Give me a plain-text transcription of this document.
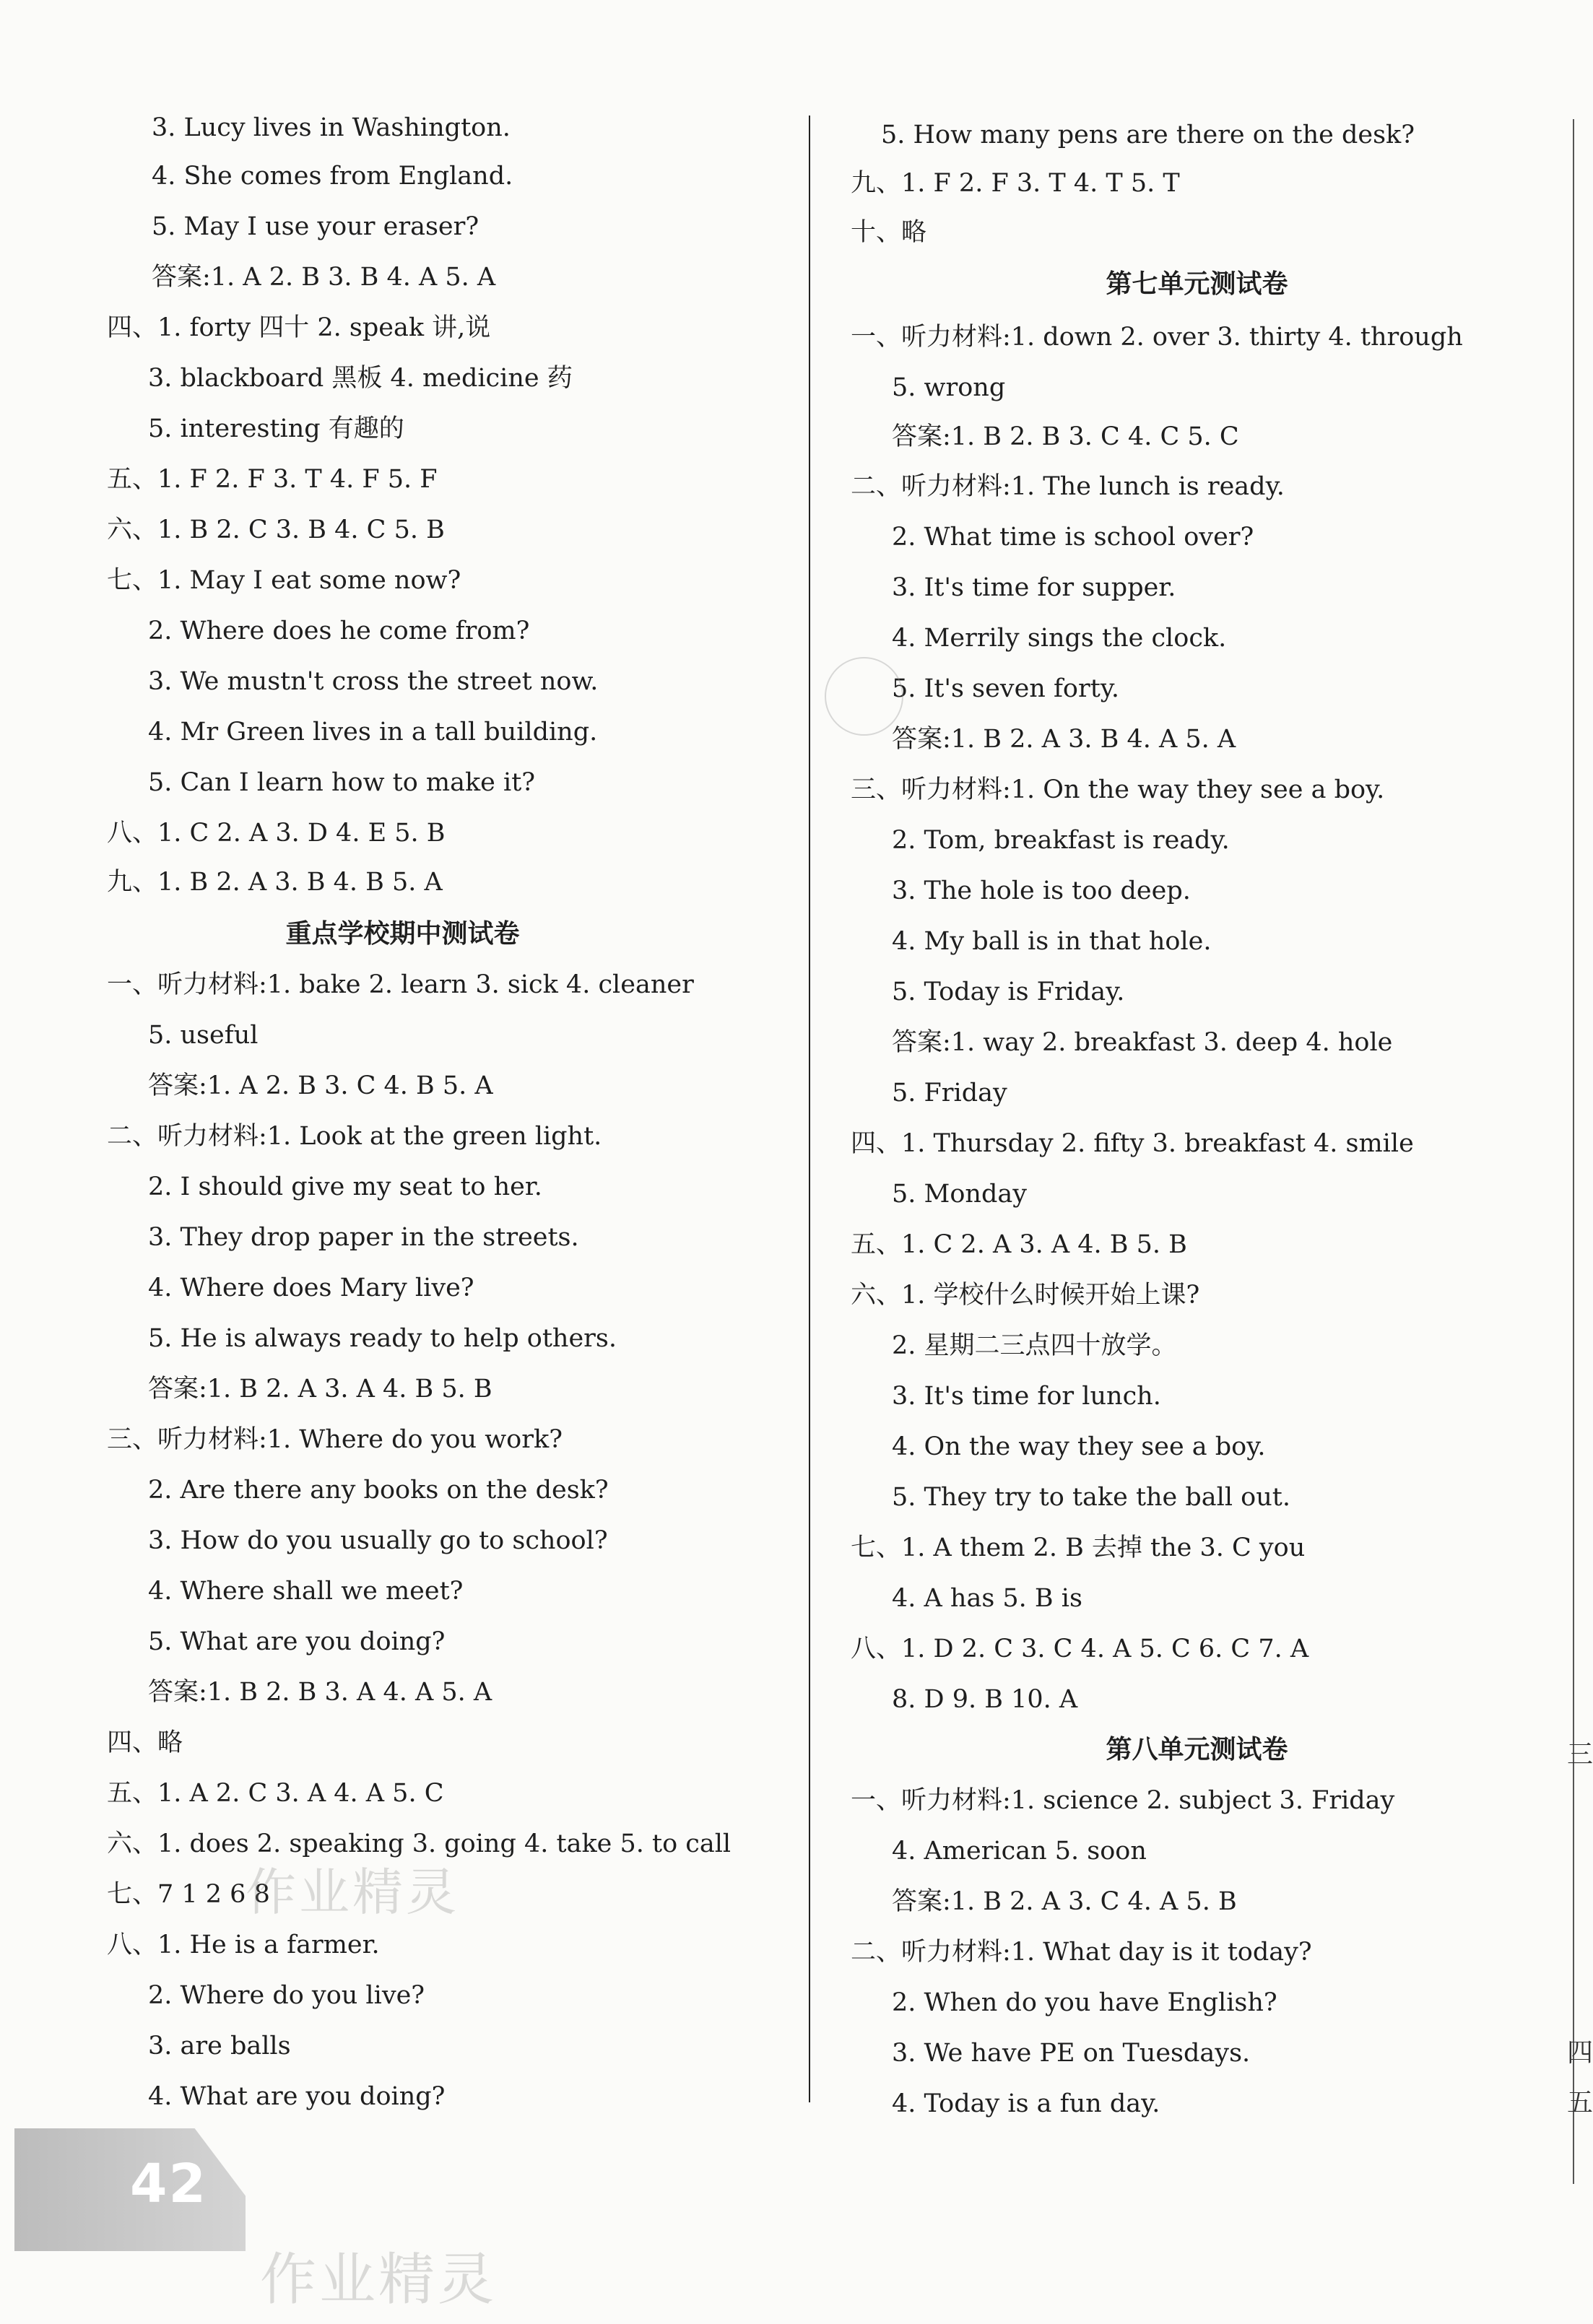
3. Lucy lives in Washington.
4. She comes from England.
5. May I use your eraser?
答案:1. A 2. B 3. B 4. A 5. A
四、1. forty 四十 2. speak 讲,说
3. blackboard 黑板 4. medicine 药
5. interesting 有趣的
五、1. F 2. F 3. T 4. F 5. F
六、1. B 2. C 3. B 4. C 5. B
七、1. May I eat some now?
2. Where does he come from?
3. We mustn't cross the street now.
4. Mr Green lives in a tall building.
5. Can I learn how to make it?
八、1. C 2. A 3. D 4. E 5. B
九、1. B 2. A 3. B 4. B 5. A
重点学校期中测试卷
一、听力材料:1. bake 2. learn 3. sick 4. cleaner
5. useful
答案:1. A 2. B 3. C 4. B 5. A
二、听力材料:1. Look at the green light.
2. I should give my seat to her.
3. They drop paper in the streets.
4. Where does Mary live?
5. He is always ready to help others.
答案:1. B 2. A 3. A 4. B 5. B
三、听力材料:1. Where do you work?
2. Are there any books on the desk?
3. How do you usually go to school?
4. Where shall we meet?
5. What are you doing?
答案:1. B 2. B 3. A 4. A 5. A
四、略
五、1. A 2. C 3. A 4. A 5. C
六、1. does 2. speaking 3. going 4. take 5. to call
七、7 1 2 6 8
八、1. He is a farmer.
2. Where do you live?
3. are balls
4. What are you doing?
5. How many pens are there on the desk?
九、1. F 2. F 3. T 4. T 5. T
十、略
第七单元测试卷
一、听力材料:1. down 2. over 3. thirty 4. through
5. wrong
答案:1. B 2. B 3. C 4. C 5. C
二、听力材料:1. The lunch is ready.
2. What time is school over?
3. It's time for supper.
4. Merrily sings the clock.
5. It's seven forty.
答案:1. B 2. A 3. B 4. A 5. A
三、听力材料:1. On the way they see a boy.
2. Tom, breakfast is ready.
3. The hole is too deep.
4. My ball is in that hole.
5. Today is Friday.
答案:1. way 2. breakfast 3. deep 4. hole
5. Friday
四、1. Thursday 2. fifty 3. breakfast 4. smile
5. Monday
五、1. C 2. A 3. A 4. B 5. B
六、1. 学校什么时候开始上课?
2. 星期二三点四十放学。
3. It's time for lunch.
4. On the way they see a boy.
5. They try to take the ball out.
七、1. A them 2. B 去掉 the 3. C you
4. A has 5. B is
八、1. D 2. C 3. C 4. A 5. C 6. C 7. A
8. D 9. B 10. A
第八单元测试卷
一、听力材料:1. science 2. subject 3. Friday
4. American 5. soon
答案:1. B 2. A 3. C 4. A 5. B
二、听力材料:1. What day is it today?
2. When do you have English?
3. We have PE on Tuesdays.
4. Today is a fun day.
作业精灵
作业精灵
42
三
四
五
